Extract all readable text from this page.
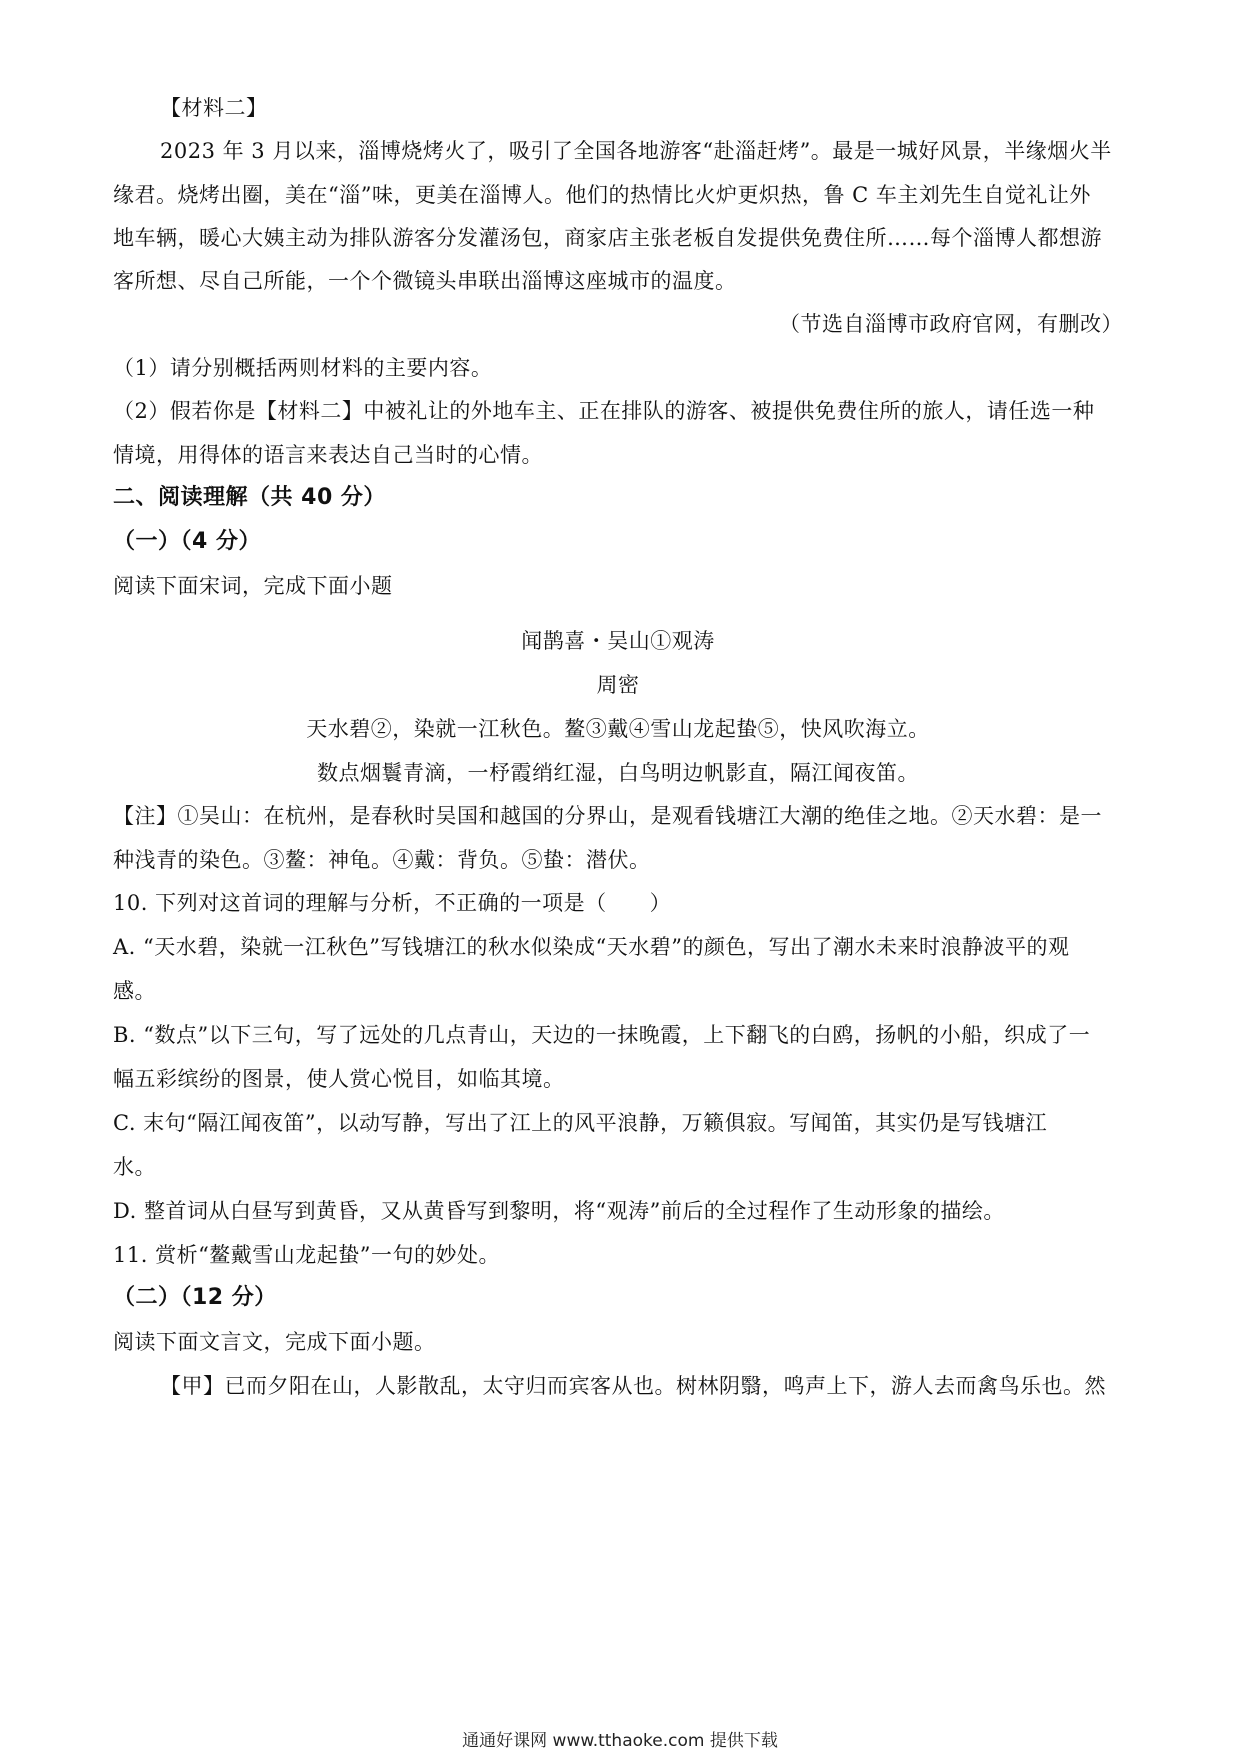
【材料二】
2023 年 3 月以来，淄博烧烤火了，吸引了全国各地游客“赴淄赶烤”。最是一城好风景，半缘烟火半
缘君。烧烤出圈，美在“淄”味，更美在淄博人。他们的热情比火炉更炽热，鲁 C 车主刘先生自觉礼让外
地车辆，暖心大姨主动为排队游客分发灌汤包，商家店主张老板自发提供免费住所……每个淄博人都想游
客所想、尽自己所能，一个个微镜头串联出淄博这座城市的温度。
（节选自淄博市政府官网，有删改）
（1）请分别概括两则材料的主要内容。
（2）假若你是【材料二】中被礼让的外地车主、正在排队的游客、被提供免费住所的旅人，请任选一种
情境，用得体的语言来表达自己当时的心情。
二、阅读理解（共 40 分）
（一）（4 分）
阅读下面宋词，完成下面小题
闻鹊喜・吴山①观涛
周密
天水碧②，染就一江秋色。鳌③戴④雪山龙起蛰⑤，快风吹海立。
数点烟鬟青滴，一杼霞绡红湿，白鸟明边帆影直，隔江闻夜笛。
【注】①吴山：在杭州，是春秋时吴国和越国的分界山，是观看钱塘江大潮的绝佳之地。②天水碧：是一
种浅青的染色。③鳌：神龟。④戴：背负。⑤蛰：潜伏。
10. 下列对这首词的理解与分析，不正确的一项是（　　）
A. “天水碧，染就一江秋色”写钱塘江的秋水似染成“天水碧”的颜色，写出了潮水未来时浪静波平的观
感。
B. “数点”以下三句，写了远处的几点青山，天边的一抹晚霞，上下翻飞的白鸥，扬帆的小船，织成了一
幅五彩缤纷的图景，使人赏心悦目，如临其境。
C. 末句“隔江闻夜笛”，以动写静，写出了江上的风平浪静，万籁俱寂。写闻笛，其实仍是写钱塘江
水。
D. 整首词从白昼写到黄昏，又从黄昏写到黎明，将“观涛”前后的全过程作了生动形象的描绘。
11. 赏析“鳌戴雪山龙起蛰”一句的妙处。
（二）（12 分）
阅读下面文言文，完成下面小题。
【甲】已而夕阳在山，人影散乱，太守归而宾客从也。树林阴翳，鸣声上下，游人去而禽鸟乐也。然
通通好课网 www.tthaoke.com 提供下载
